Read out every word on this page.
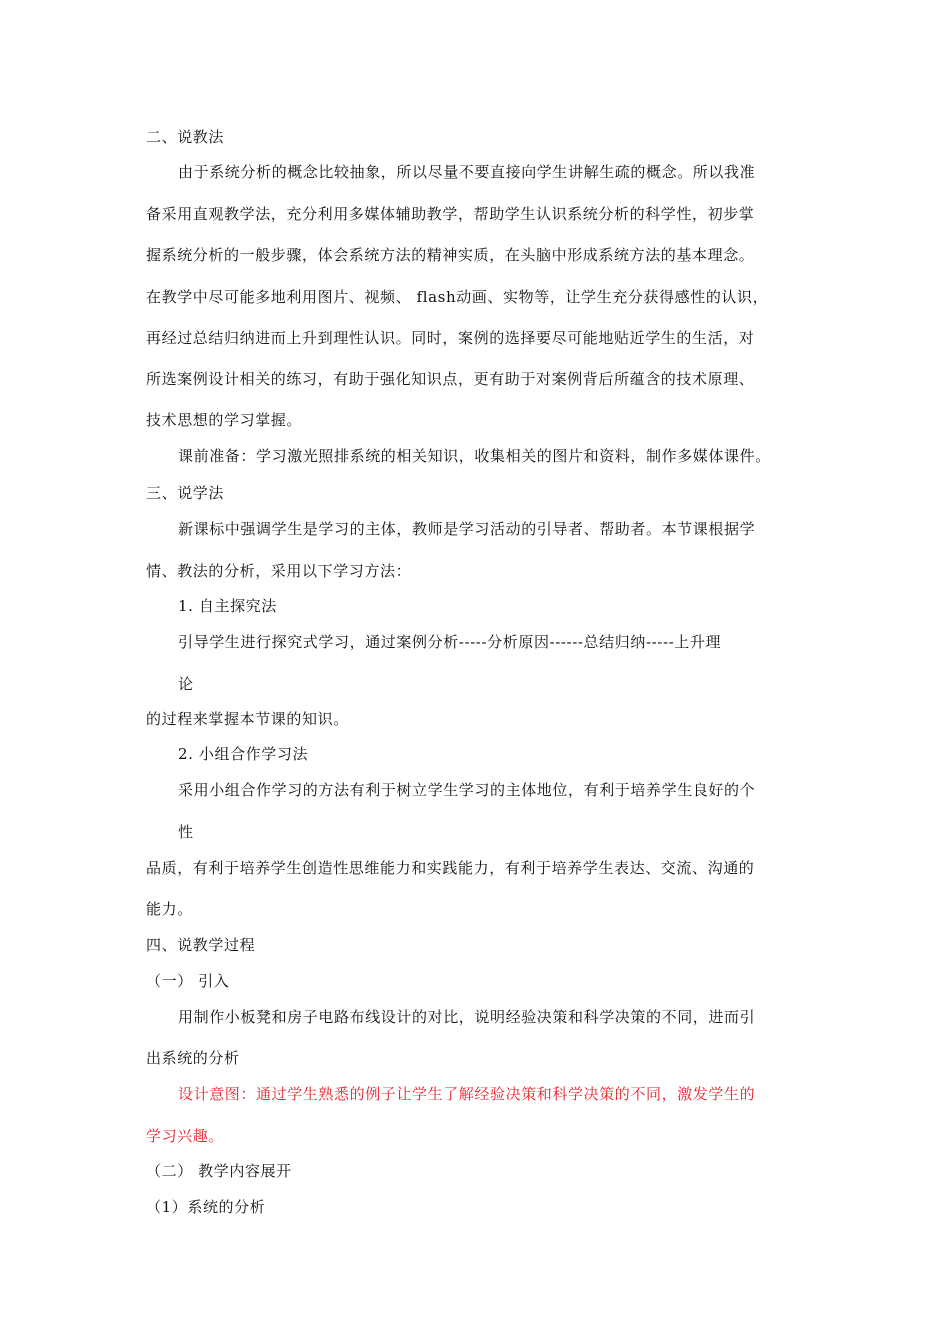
二、说教法
由于系统分析的概念比较抽象，所以尽量不要直接向学生讲解生疏的概念。所以我准
备采用直观教学法，充分利用多媒体辅助教学，帮助学生认识系统分析的科学性，初步掌
握系统分析的一般步骤，体会系统方法的精神实质，在头脑中形成系统方法的基本理念。
在教学中尽可能多地利用图片、视频、 flash动画、实物等，让学生充分获得感性的认识，
再经过总结归纳进而上升到理性认识。同时，案例的选择要尽可能地贴近学生的生活，对
所选案例设计相关的练习，有助于强化知识点，更有助于对案例背后所蕴含的技术原理、
技术思想的学习掌握。
课前准备：学习激光照排系统的相关知识，收集相关的图片和资料，制作多媒体课件。
三、说学法
新课标中强调学生是学习的主体，教师是学习活动的引导者、帮助者。本节课根据学
情、教法的分析，采用以下学习方法：
1. 自主探究法
引导学生进行探究式学习，通过案例分析-----分析原因------总结归纳-----上升理
论
的过程来掌握本节课的知识。
2. 小组合作学习法
采用小组合作学习的方法有利于树立学生学习的主体地位，有利于培养学生良好的个
性
品质，有利于培养学生创造性思维能力和实践能力，有利于培养学生表达、交流、沟通的
能力。
四、说教学过程
（一） 引入
用制作小板凳和房子电路布线设计的对比，说明经验决策和科学决策的不同，进而引
出系统的分析
设计意图：通过学生熟悉的例子让学生了解经验决策和科学决策的不同，激发学生的
学习兴趣。
（二） 教学内容展开
（1）系统的分析
